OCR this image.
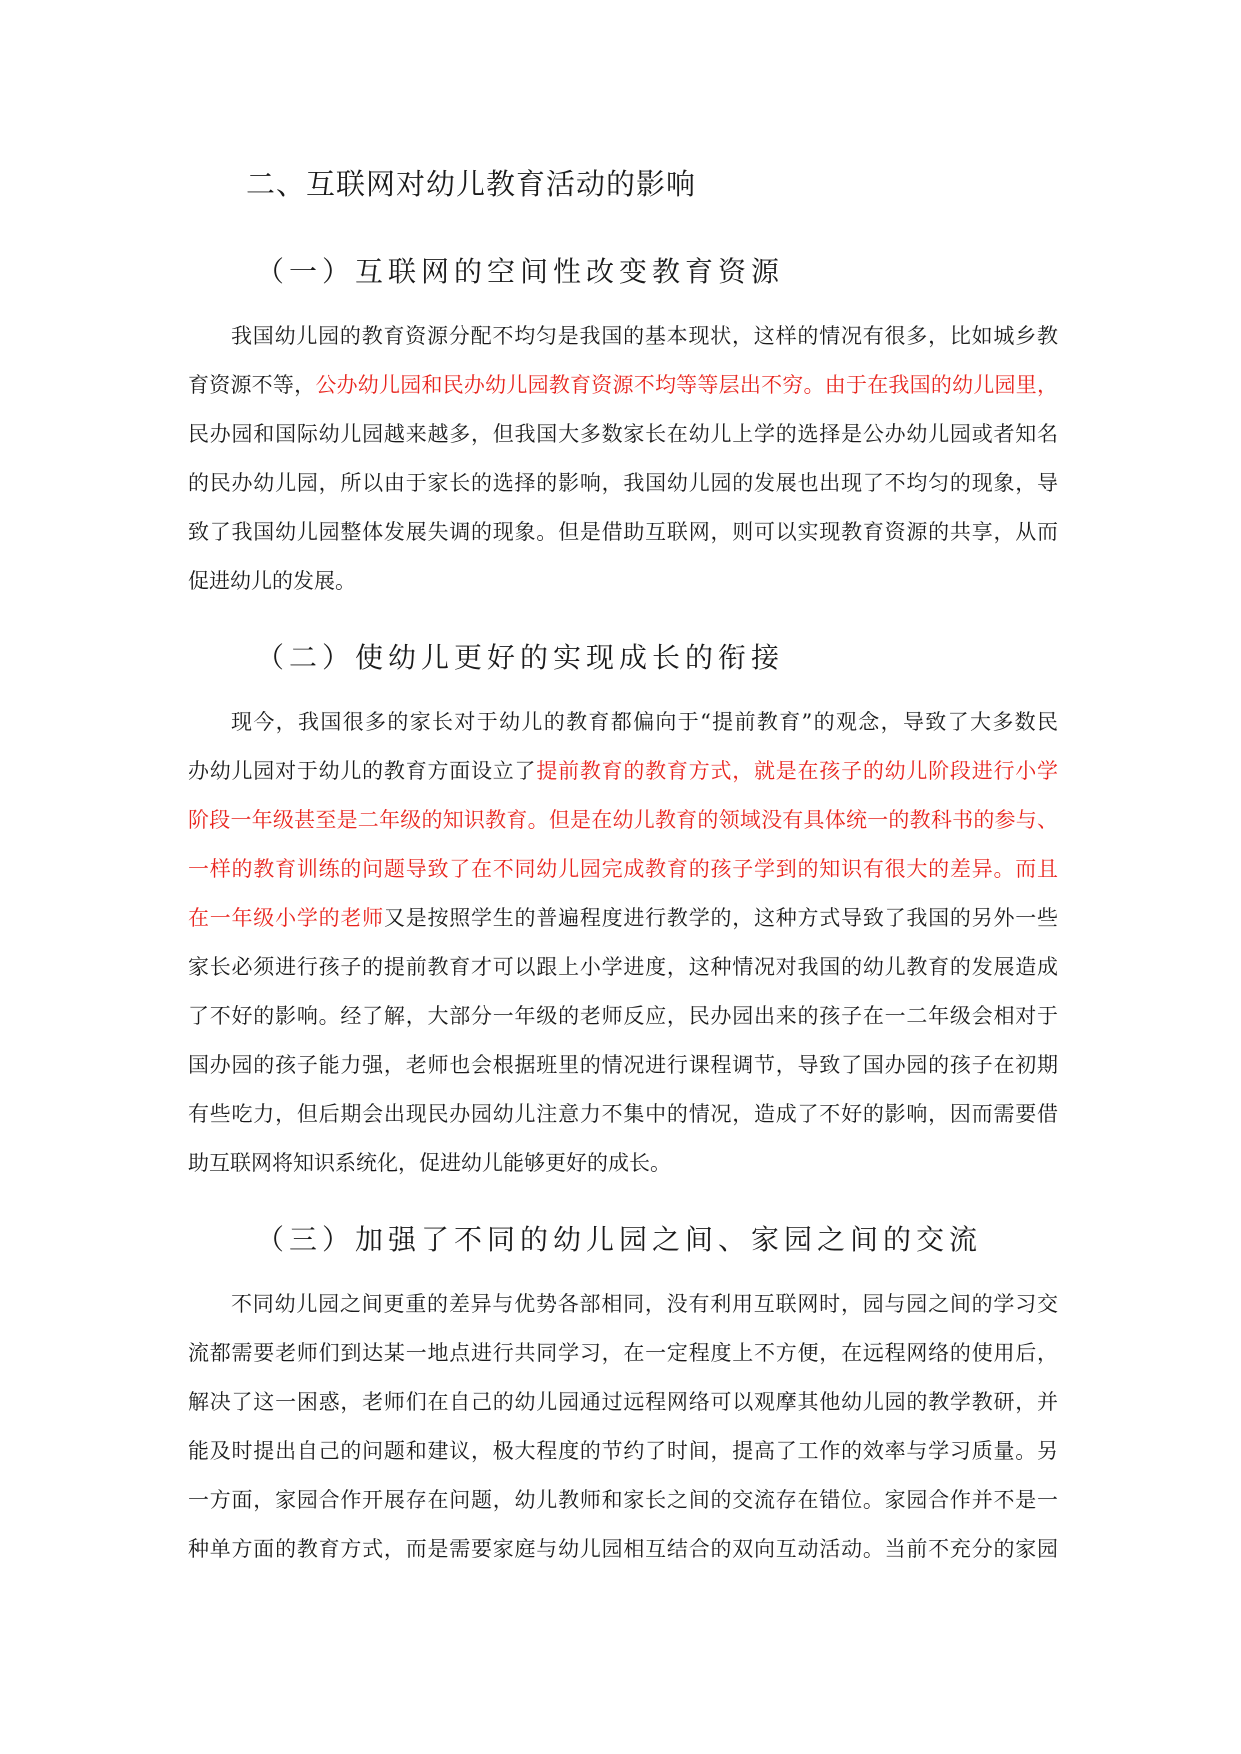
二、互联网对幼儿教育活动的影响
（一）互联网的空间性改变教育资源
我国幼儿园的教育资源分配不均匀是我国的基本现状，这样的情况有很多，比如城乡教
育资源不等，公办幼儿园和民办幼儿园教育资源不均等等层出不穷。由于在我国的幼儿园里，
民办园和国际幼儿园越来越多，但我国大多数家长在幼儿上学的选择是公办幼儿园或者知名
的民办幼儿园，所以由于家长的选择的影响，我国幼儿园的发展也出现了不均匀的现象，导
致了我国幼儿园整体发展失调的现象。但是借助互联网，则可以实现教育资源的共享，从而
促进幼儿的发展。
（二）使幼儿更好的实现成长的衔接
现今，我国很多的家长对于幼儿的教育都偏向于“提前教育”的观念，导致了大多数民
办幼儿园对于幼儿的教育方面设立了提前教育的教育方式，就是在孩子的幼儿阶段进行小学
阶段一年级甚至是二年级的知识教育。但是在幼儿教育的领域没有具体统一的教科书的参与、
一样的教育训练的问题导致了在不同幼儿园完成教育的孩子学到的知识有很大的差异。而且
在一年级小学的老师又是按照学生的普遍程度进行教学的，这种方式导致了我国的另外一些
家长必须进行孩子的提前教育才可以跟上小学进度，这种情况对我国的幼儿教育的发展造成
了不好的影响。经了解，大部分一年级的老师反应，民办园出来的孩子在一二年级会相对于
国办园的孩子能力强，老师也会根据班里的情况进行课程调节，导致了国办园的孩子在初期
有些吃力，但后期会出现民办园幼儿注意力不集中的情况，造成了不好的影响，因而需要借
助互联网将知识系统化，促进幼儿能够更好的成长。
（三）加强了不同的幼儿园之间、家园之间的交流
不同幼儿园之间更重的差异与优势各部相同，没有利用互联网时，园与园之间的学习交
流都需要老师们到达某一地点进行共同学习，在一定程度上不方便，在远程网络的使用后，
解决了这一困惑，老师们在自己的幼儿园通过远程网络可以观摩其他幼儿园的教学教研，并
能及时提出自己的问题和建议，极大程度的节约了时间，提高了工作的效率与学习质量。另
一方面，家园合作开展存在问题，幼儿教师和家长之间的交流存在错位。家园合作并不是一
种单方面的教育方式，而是需要家庭与幼儿园相互结合的双向互动活动。当前不充分的家园
